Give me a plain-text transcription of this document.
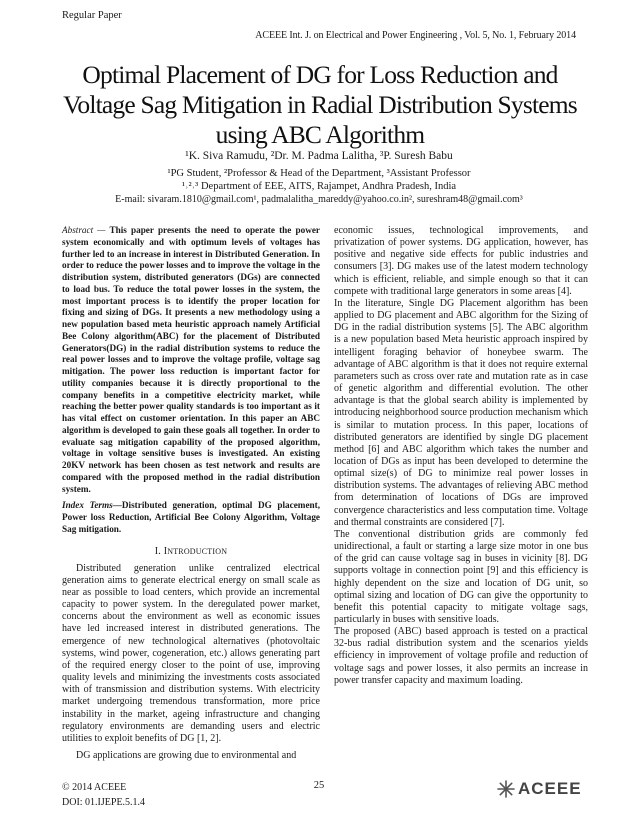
Regular Paper
ACEEE Int. J. on Electrical and Power Engineering , Vol. 5, No. 1, February 2014
Optimal Placement of DG for Loss Reduction and
Voltage Sag Mitigation in Radial Distribution Systems
using ABC Algorithm
¹K. Siva Ramudu, ²Dr. M. Padma Lalitha, ³P. Suresh Babu
¹PG Student, ²Professor & Head of the Department, ³Assistant Professor
¹˒²˒³ Department of EEE, AITS, Rajampet, Andhra Pradesh, India
E-mail: sivaram.1810@gmail.com¹, padmalalitha_mareddy@yahoo.co.in², sureshram48@gmail.com³

Abstract — This paper presents the need to operate the power system economically and with optimum levels of voltages has further led to an increase in interest in Distributed Generation. In order to reduce the power losses and to improve the voltage in the distribution system, distributed generators (DGs) are connected to load bus. To reduce the total power losses in the system, the most important process is to identify the proper location for fixing and sizing of DGs. It presents a new methodology using a new population based meta heuristic approach namely Artificial Bee Colony algorithm(ABC) for the placement of Distributed Generators(DG) in the radial distribution systems to reduce the real power losses and to improve the voltage profile, voltage sag mitigation. The power loss reduction is important factor for utility companies because it is directly proportional to the company benefits in a competitive electricity market, while reaching the better power quality standards is too important as it has vital effect on customer orientation. In this paper an ABC algorithm is developed to gain these goals all together. In order to evaluate sag mitigation capability of the proposed algorithm, voltage in voltage sensitive buses is investigated. An existing 20KV network has been chosen as test network and results are compared with the proposed method in the radial distribution system.

Index Terms—Distributed generation, optimal DG placement, Power loss Reduction, Artificial Bee Colony Algorithm, Voltage Sag mitigation.

I. INTRODUCTION

Distributed generation unlike centralized electrical generation aims to generate electrical energy on small scale as near as possible to load centers, which provide an incremental capacity to power system. In the deregulated power market, concerns about the environment as well as economic issues have led increased interest in distributed generations. The emergence of new technological alternatives (photovoltaic systems, wind power, cogeneration, etc.) allows generating part of the required energy closer to the point of use, improving quality levels and minimizing the investments costs associated with of transmission and distribution systems. With electricity market undergoing tremendous transformation, more price instability in the market, ageing infrastructure and changing regulatory environments are demanding users and electric utilities to exploit benefits of DG [1, 2].

DG applications are growing due to environmental and

economic issues, technological improvements, and privatization of power systems. DG application, however, has positive and negative side effects for public industries and consumers [3]. DG makes use of the latest modern technology which is efficient, reliable, and simple enough so that it can compete with traditional large generators in some areas [4].

In the literature, Single DG Placement algorithm has been applied to DG placement and ABC algorithm for the Sizing of DG in the radial distribution systems [5]. The ABC algorithm is a new population based Meta heuristic approach inspired by intelligent foraging behavior of honeybee swarm. The advantage of ABC algorithm is that it does not require external parameters such as cross over rate and mutation rate as in case of genetic algorithm and differential evolution. The other advantage is that the global search ability is implemented by introducing neighborhood source production mechanism which is similar to mutation process. In this paper, locations of distributed generators are identified by single DG placement method [6] and ABC algorithm which takes the number and location of DGs as input has been developed to determine the optimal size(s) of DG to minimize real power losses in distribution systems. The advantages of relieving ABC method from determination of locations of DGs are improved convergence characteristics and less computation time. Voltage and thermal constraints are considered [7].

The conventional distribution grids are commonly fed unidirectional, a fault or starting a large size motor in one bus of the grid can cause voltage sag in buses in vicinity [8]. DG supports voltage in connection point [9] and this efficiency is highly dependent on the size and location of DG unit, so optimal sizing and location of DG can give the opportunity to benefit this potential capacity to mitigate voltage sags, particularly in buses with sensitive loads.

The proposed (ABC) based approach is tested on a practical 32-bus radial distribution system and the scenarios yields efficiency in improvement of voltage profile and reduction of voltage sags and power losses, it also permits an increase in power transfer capacity and maximum loading.

25
© 2014 ACEEE
DOI: 01.IJEPE.5.1.4
ACEEE
